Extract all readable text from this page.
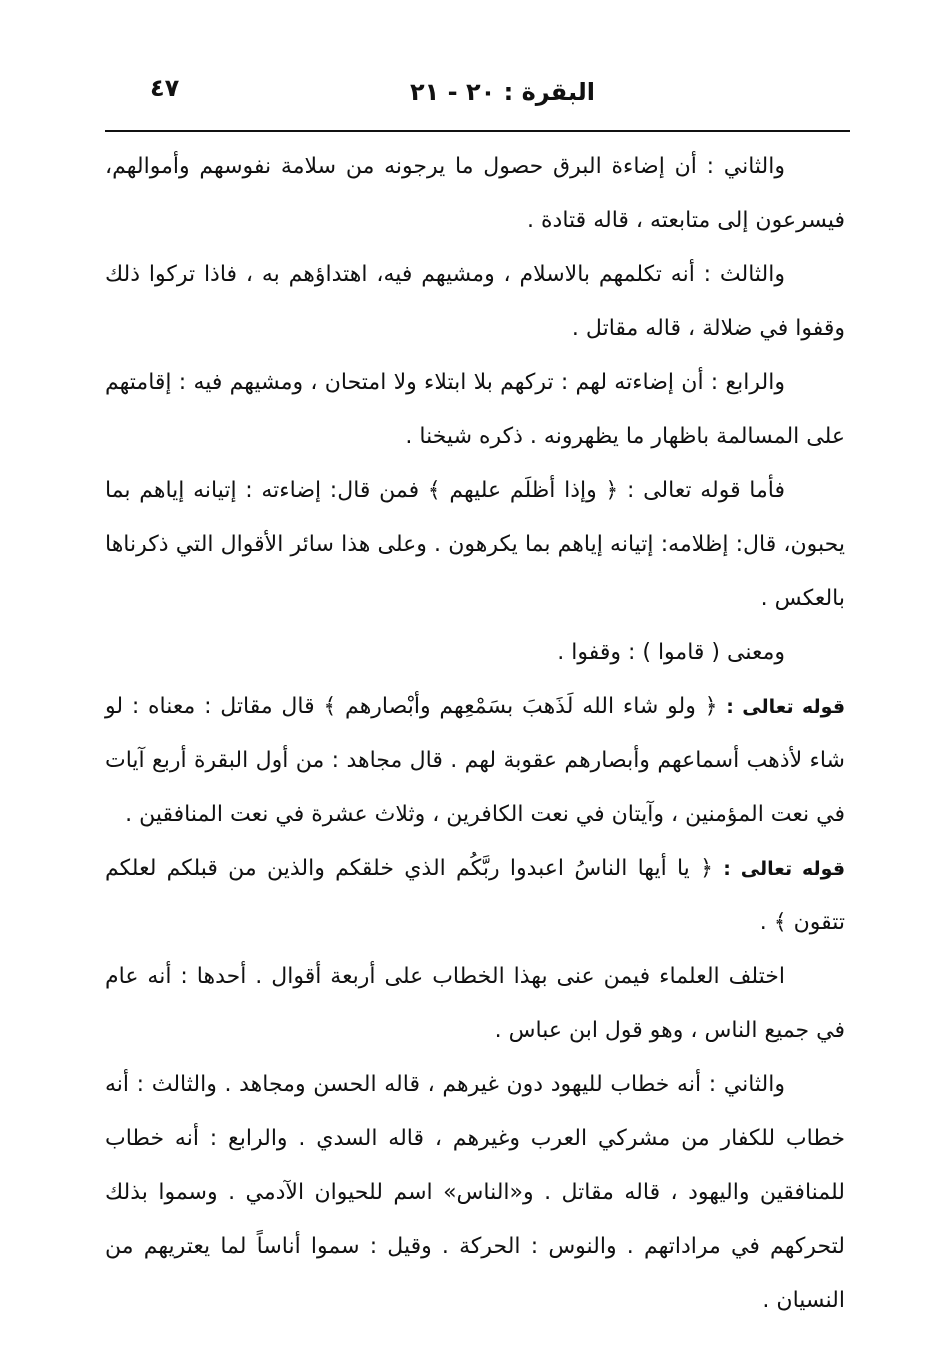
٤٧	البقرة : ٢٠ - ٢١

والثاني : أن إضاءة البرق حصول ما يرجونه من سلامة نفوسهم وأموالهم، فيسرعون إلى متابعته ، قاله قتادة .

والثالث : أنه تكلمهم بالاسلام ، ومشيهم فيه، اهتداؤهم به ، فاذا تركوا ذلك وقفوا في ضلالة ، قاله مقاتل .

والرابع : أن إضاءته لهم : تركهم بلا ابتلاء ولا امتحان ، ومشيهم فيه : إقامتهم على المسالمة باظهار ما يظهرونه . ذكره شيخنا .

فأما قوله تعالى : ﴿ وإذا أظلَم عليهم ﴾ فمن قال: إضاءته : إتيانه إياهم بما يحبون، قال: إظلامه: إتيانه إياهم بما يكرهون . وعلى هذا سائر الأقوال التي ذكرناها بالعكس .

ومعنى ( قاموا ) : وقفوا .

قوله تعالى : ﴿ ولو شاء الله لَذَهبَ بسَمْعِهم وأبْصارهم ﴾ قال مقاتل : معناه : لو شاء لأذهب أسماعهم وأبصارهم عقوبة لهم . قال مجاهد : من أول البقرة أربع آيات في نعت المؤمنين ، وآيتان في نعت الكافرين ، وثلاث عشرة في نعت المنافقين .

قوله تعالى : ﴿ يا أيها الناسُ اعبدوا ربَّكُم الذي خلقكم والذين من قبلكم لعلكم تتقون ﴾ .

اختلف العلماء فيمن عنى بهذا الخطاب على أربعة أقوال . أحدها : أنه عام في جميع الناس ، وهو قول ابن عباس .

والثاني : أنه خطاب لليهود دون غيرهم ، قاله الحسن ومجاهد . والثالث : أنه خطاب للكفار من مشركي العرب وغيرهم ، قاله السدي . والرابع : أنه خطاب للمنافقين واليهود ، قاله مقاتل . و«الناس» اسم للحيوان الآدمي . وسموا بذلك لتحركهم في مراداتهم . والنوس : الحركة . وقيل : سموا أناساً لما يعتريهم من النسيان .
